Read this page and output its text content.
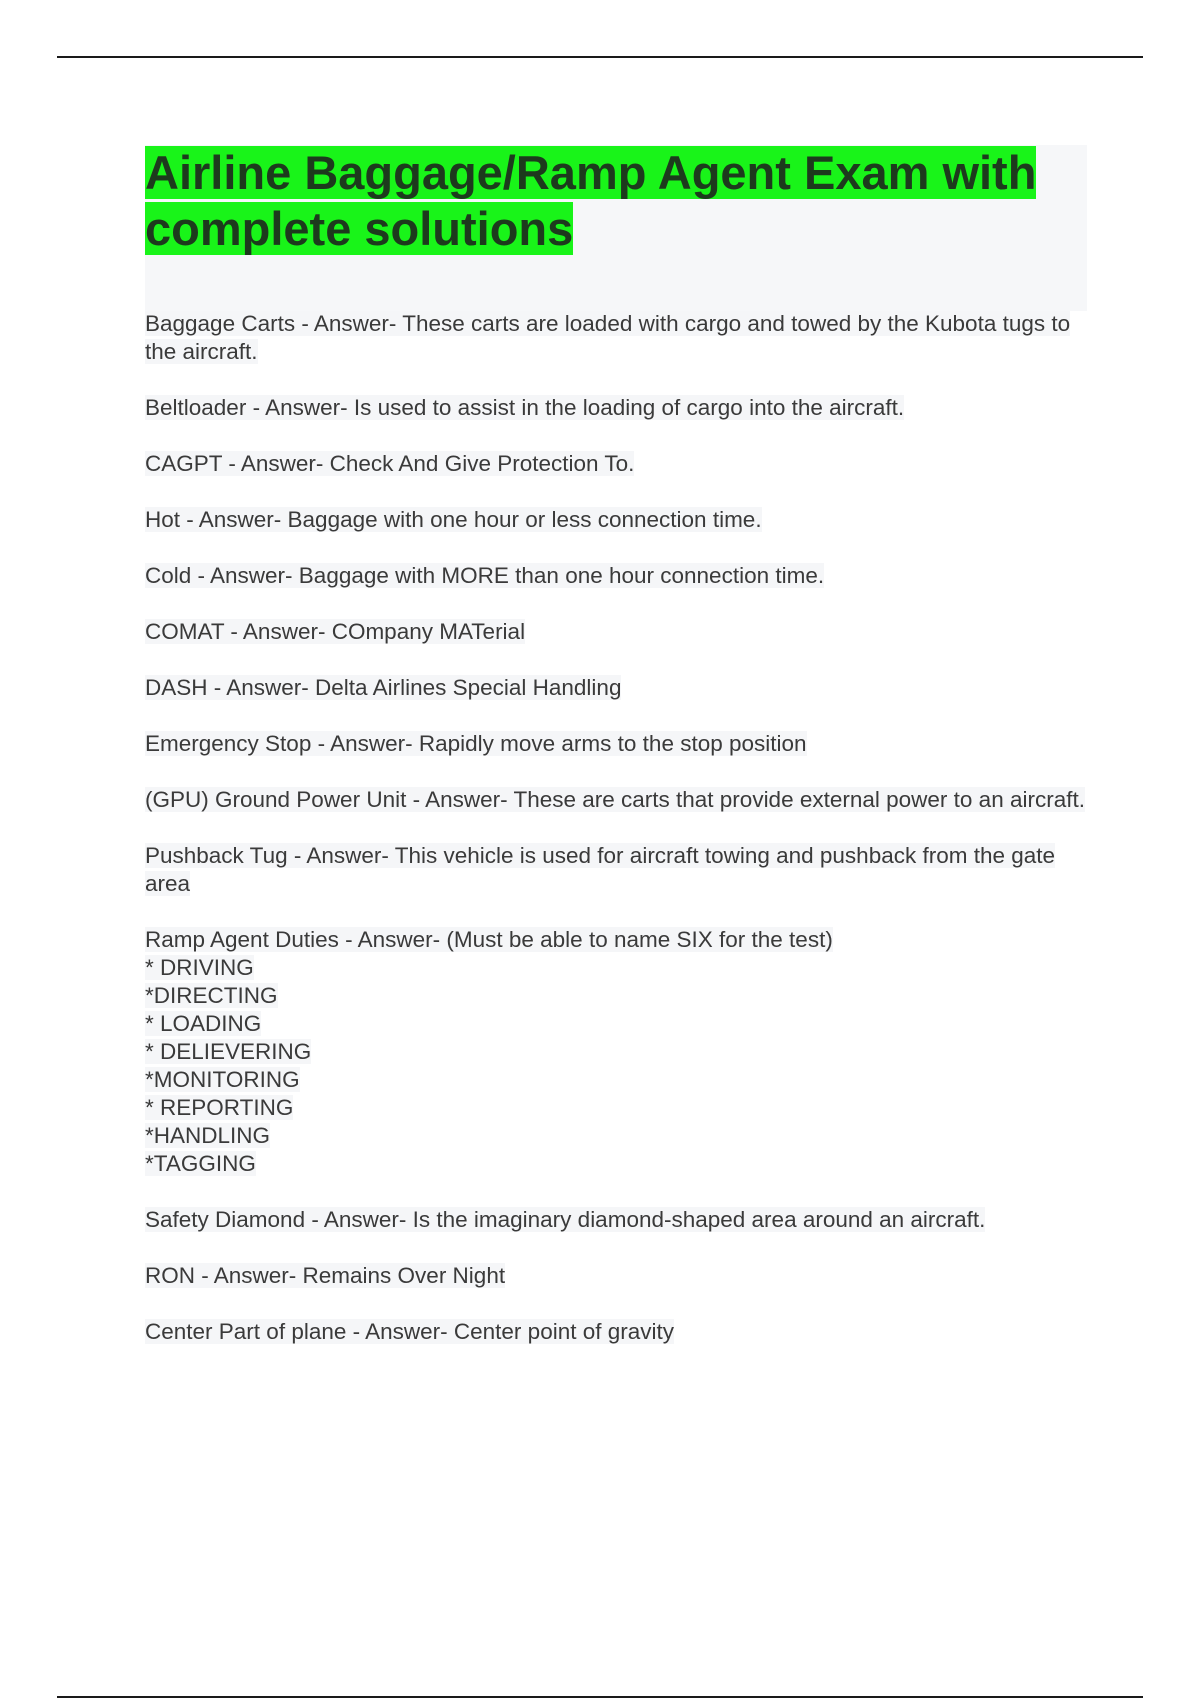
Airline Baggage/Ramp Agent Exam with complete solutions

Baggage Carts - Answer- These carts are loaded with cargo and towed by the Kubota tugs to the aircraft.

Beltloader - Answer- Is used to assist in the loading of cargo into the aircraft.

CAGPT - Answer- Check And Give Protection To.

Hot - Answer- Baggage with one hour or less connection time.

Cold - Answer- Baggage with MORE than one hour connection time.

COMAT - Answer- COmpany MATerial

DASH - Answer- Delta Airlines Special Handling

Emergency Stop - Answer- Rapidly move arms to the stop position

(GPU) Ground Power Unit - Answer- These are carts that provide external power to an aircraft.

Pushback Tug - Answer- This vehicle is used for aircraft towing and pushback from the gate area

Ramp Agent Duties - Answer- (Must be able to name SIX for the test)
* DRIVING
*DIRECTING
* LOADING
* DELIEVERING
*MONITORING
* REPORTING
*HANDLING
*TAGGING

Safety Diamond - Answer- Is the imaginary diamond-shaped area around an aircraft.

RON - Answer- Remains Over Night

Center Part of plane - Answer- Center point of gravity
